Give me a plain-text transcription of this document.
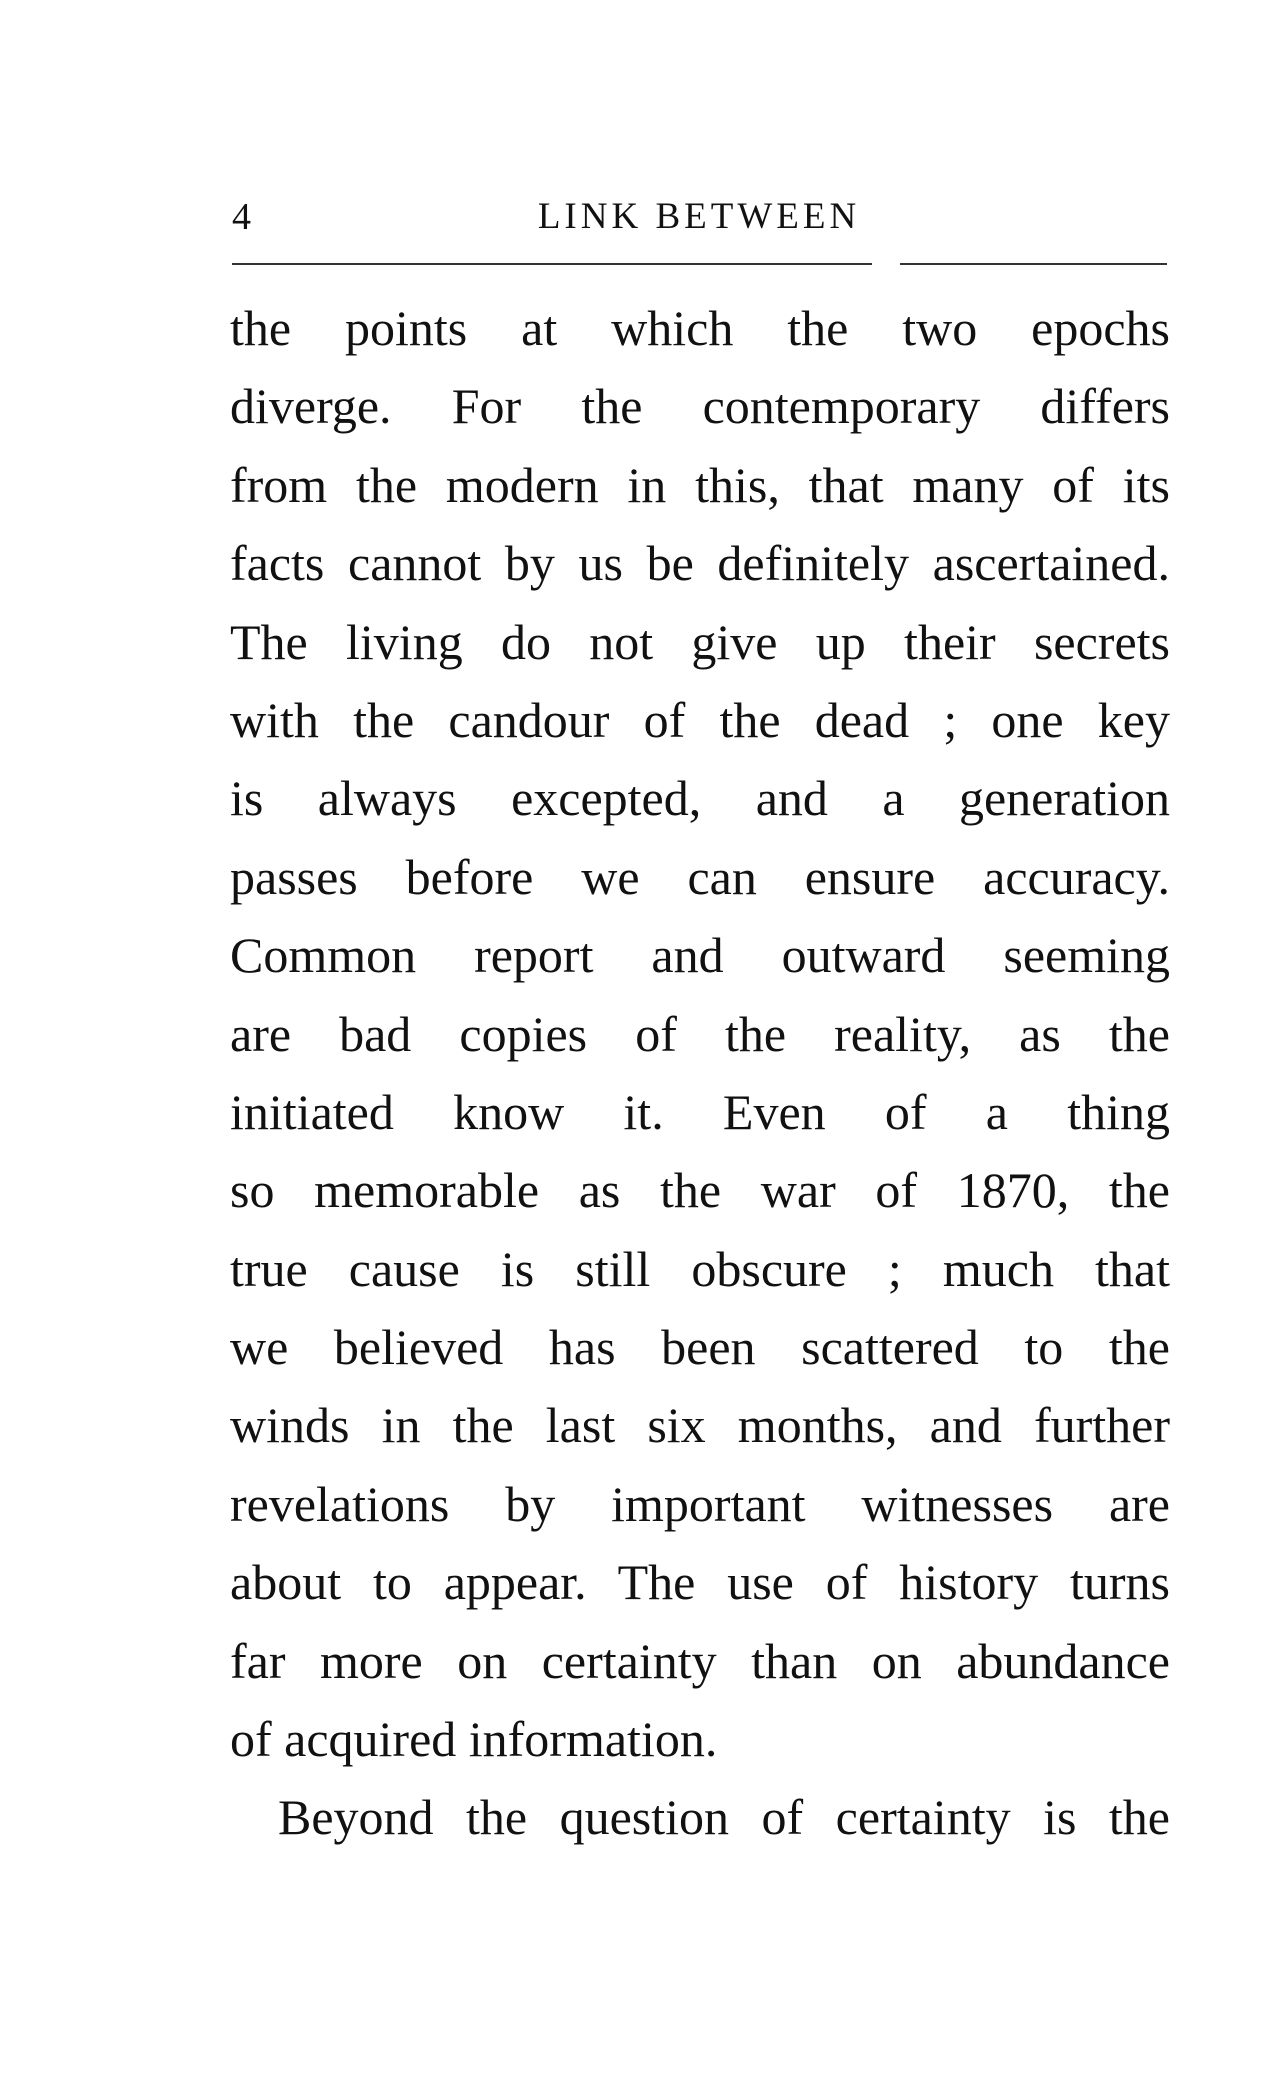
4	LINK BETWEEN
the points at which the two epochs
diverge. For the contemporary differs
from the modern in this, that many of its
facts cannot by us be definitely ascertained.
The living do not give up their secrets
with the candour of the dead ; one key
is always excepted, and a generation
passes before we can ensure accuracy.
Common report and outward seeming
are bad copies of the reality, as the
initiated know it. Even of a thing
so memorable as the war of 1870, the
true cause is still obscure ; much that
we believed has been scattered to the
winds in the last six months, and further
revelations by important witnesses are
about to appear. The use of history turns
far more on certainty than on abundance
of acquired information.
Beyond the question of certainty is the
